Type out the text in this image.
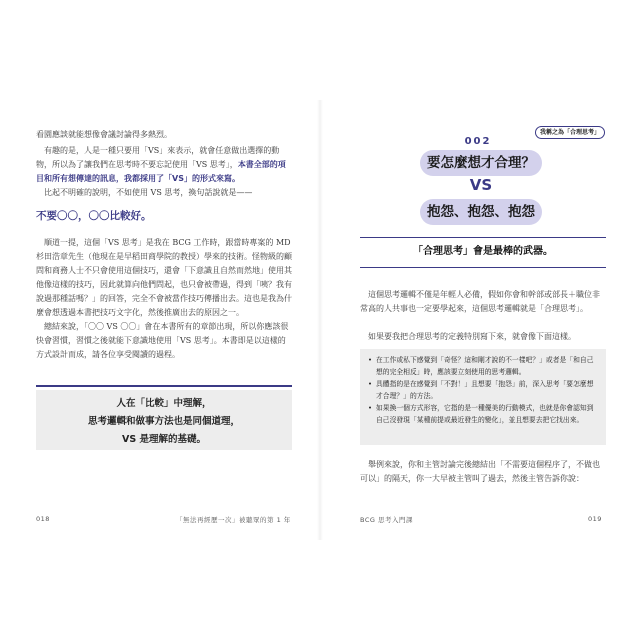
看園應談就能想像會議討論得多熱烈。

有趣的是，人是一種只要用「VS」來表示，就會任意做出選擇的動物，所以為了讓我們在思考時不要忘記使用「VS 思考」，本書全部的項目和所有想傳達的訊息，我都採用了「VS」的形式來寫。

比起不明確的說明，不如使用 VS 思考，換句話說就是——

不要〇〇，〇〇比較好。

順道一提，這個「VS 思考」是我在 BCG 工作時，跟當時專案的 MD 杉田浩章先生（他現在是早稻田商學院的教授）學來的技術。怪物級的顧問和商務人士不只會使用這個技巧，還會「下意識且自然而然地」使用其他像這樣的技巧，因此就算向他們問起，也只會被帶過，得到「咦？我有說過那種話嗎？」的回答，完全不會被當作技巧傳播出去。這也是我為什麼會想透過本書把技巧文字化，然後推廣出去的原因之一。

總結來說，「〇〇 VS 〇〇」會在本書所有的章節出現，所以你應該很快會習慣，習慣之後就能下意識地使用「VS 思考」。本書即是以這樣的方式設計而成，請各位享受閱讀的過程。

人在「比較」中理解，
思考邏輯和做事方法也是同個道理，
VS 是理解的基礎。
018	「無法再經歷一次」被聽眾的第 1 年
我稱之為「合理思考」
002
要怎麼想才合理？
VS
抱怨、抱怨、抱怨

「合理思考」會是最棒的武器。

這個思考邏輯不僅是年輕人必備，假如你會和幹部或部長＋職位非常高的人共事也一定要學起來，這個思考邏輯就是「合理思考」。

如果要我把合理思考的定義特別寫下來，就會像下面這樣。

• 在工作或私下感覺到「奇怪？這和剛才說的不一樣吧？」或者是「和自己想的完全相反」時，應該要立刻使用的思考邏輯。
• 具體指的是在感覺到「不對！」且想要「抱怨」前，深入思考「要怎麼想才合理？」的方法。
• 如果換一個方式形容，它指的是一種優美的行動模式，也就是你會認知到自己沒發現「某種前提或最近發生的變化」，並且想要去把它找出來。

舉例來說，你和主管討論完後總結出「不需要這個程序了，不做也可以」的隔天，你一大早被主管叫了過去，然後主管告訴你說：

BCG 思考入門課	019
